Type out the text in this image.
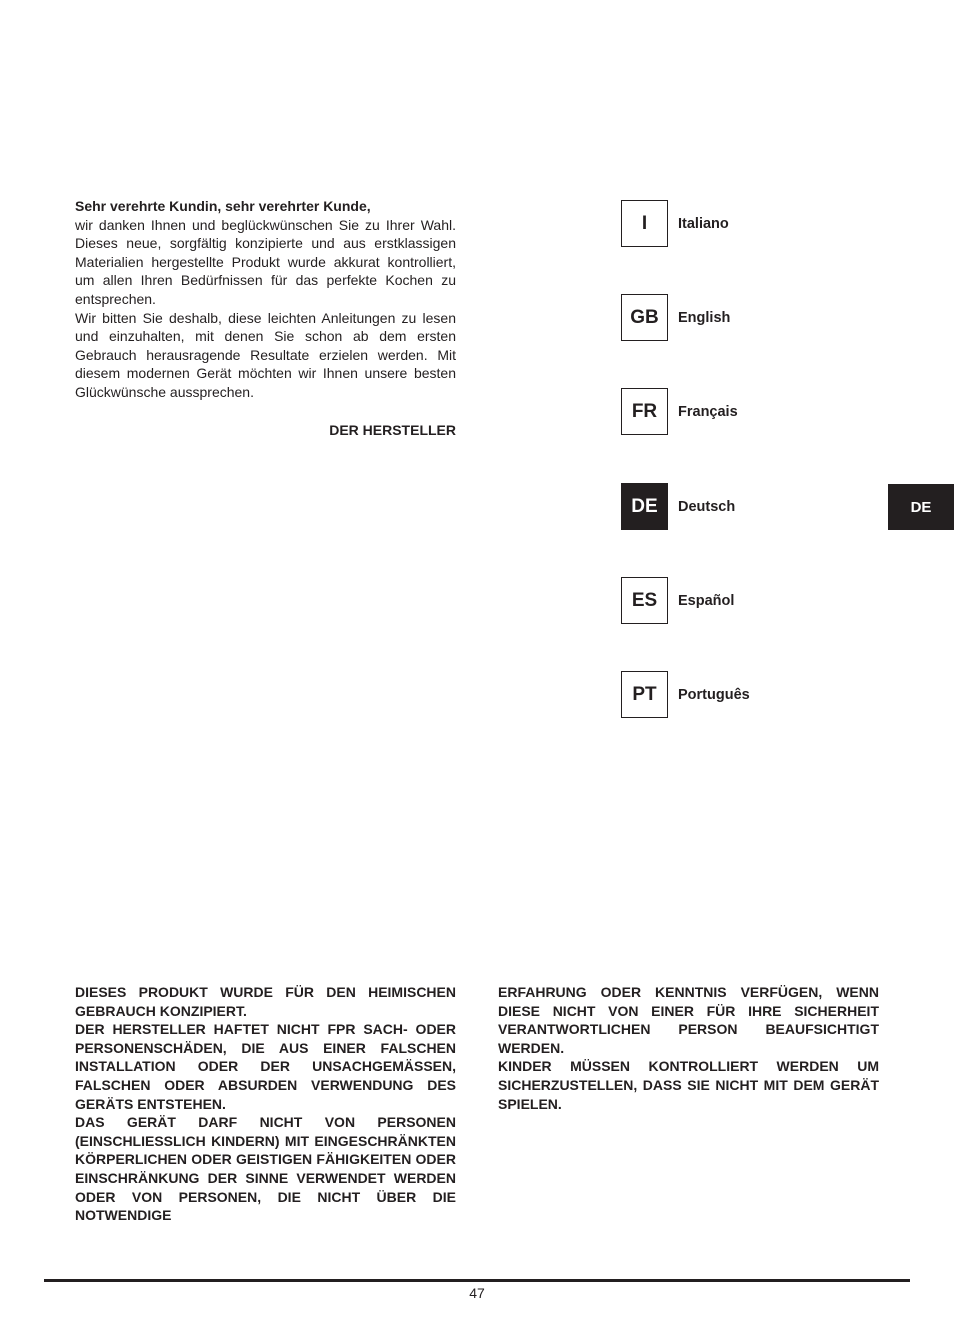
Sehr verehrte Kundin, sehr verehrter Kunde,

wir danken Ihnen und beglückwünschen Sie zu Ihrer Wahl. Dieses neue, sorgfältig konzipierte und aus erstklassigen Materialien hergestellte Produkt wurde akkurat kontrolliert, um allen Ihren Bedürfnissen für das perfekte Kochen zu entsprechen.

Wir bitten Sie deshalb, diese leichten Anleitungen zu lesen und einzuhalten, mit denen Sie schon ab dem ersten Gebrauch herausragende Resultate erzielen werden. Mit diesem modernen Gerät möchten wir Ihnen unsere besten Glückwünsche aussprechen.

DER HERSTELLER

I	Italiano
GB	English
FR	Français
DE	Deutsch
ES	Español
PT	Português
DE

DIESES PRODUKT WURDE FÜR DEN HEIMISCHEN GEBRAUCH KONZIPIERT.

DER HERSTELLER HAFTET NICHT FPR SACH- ODER PERSONENSCHÄDEN, DIE AUS EINER FALSCHEN INSTALLATION ODER DER UNSACHGEMÄSSEN, FALSCHEN ODER ABSURDEN VERWENDUNG DES GERÄTS ENTSTEHEN.

DAS GERÄT DARF NICHT VON PERSONEN (EINSCHLIESSLICH KINDERN) MIT EINGESCHRÄNKTEN KÖRPERLICHEN ODER GEISTIGEN FÄHIGKEITEN ODER EINSCHRÄNKUNG DER SINNE VERWENDET WERDEN ODER VON PERSONEN, DIE NICHT ÜBER DIE NOTWENDIGE

ERFAHRUNG ODER KENNTNIS VERFÜGEN, WENN DIESE NICHT VON EINER FÜR IHRE SICHERHEIT VERANTWORTLICHEN PERSON BEAUFSICHTIGT WERDEN.

KINDER MÜSSEN KONTROLLIERT WERDEN UM SICHERZUSTELLEN, DASS SIE NICHT MIT DEM GERÄT SPIELEN.

47
